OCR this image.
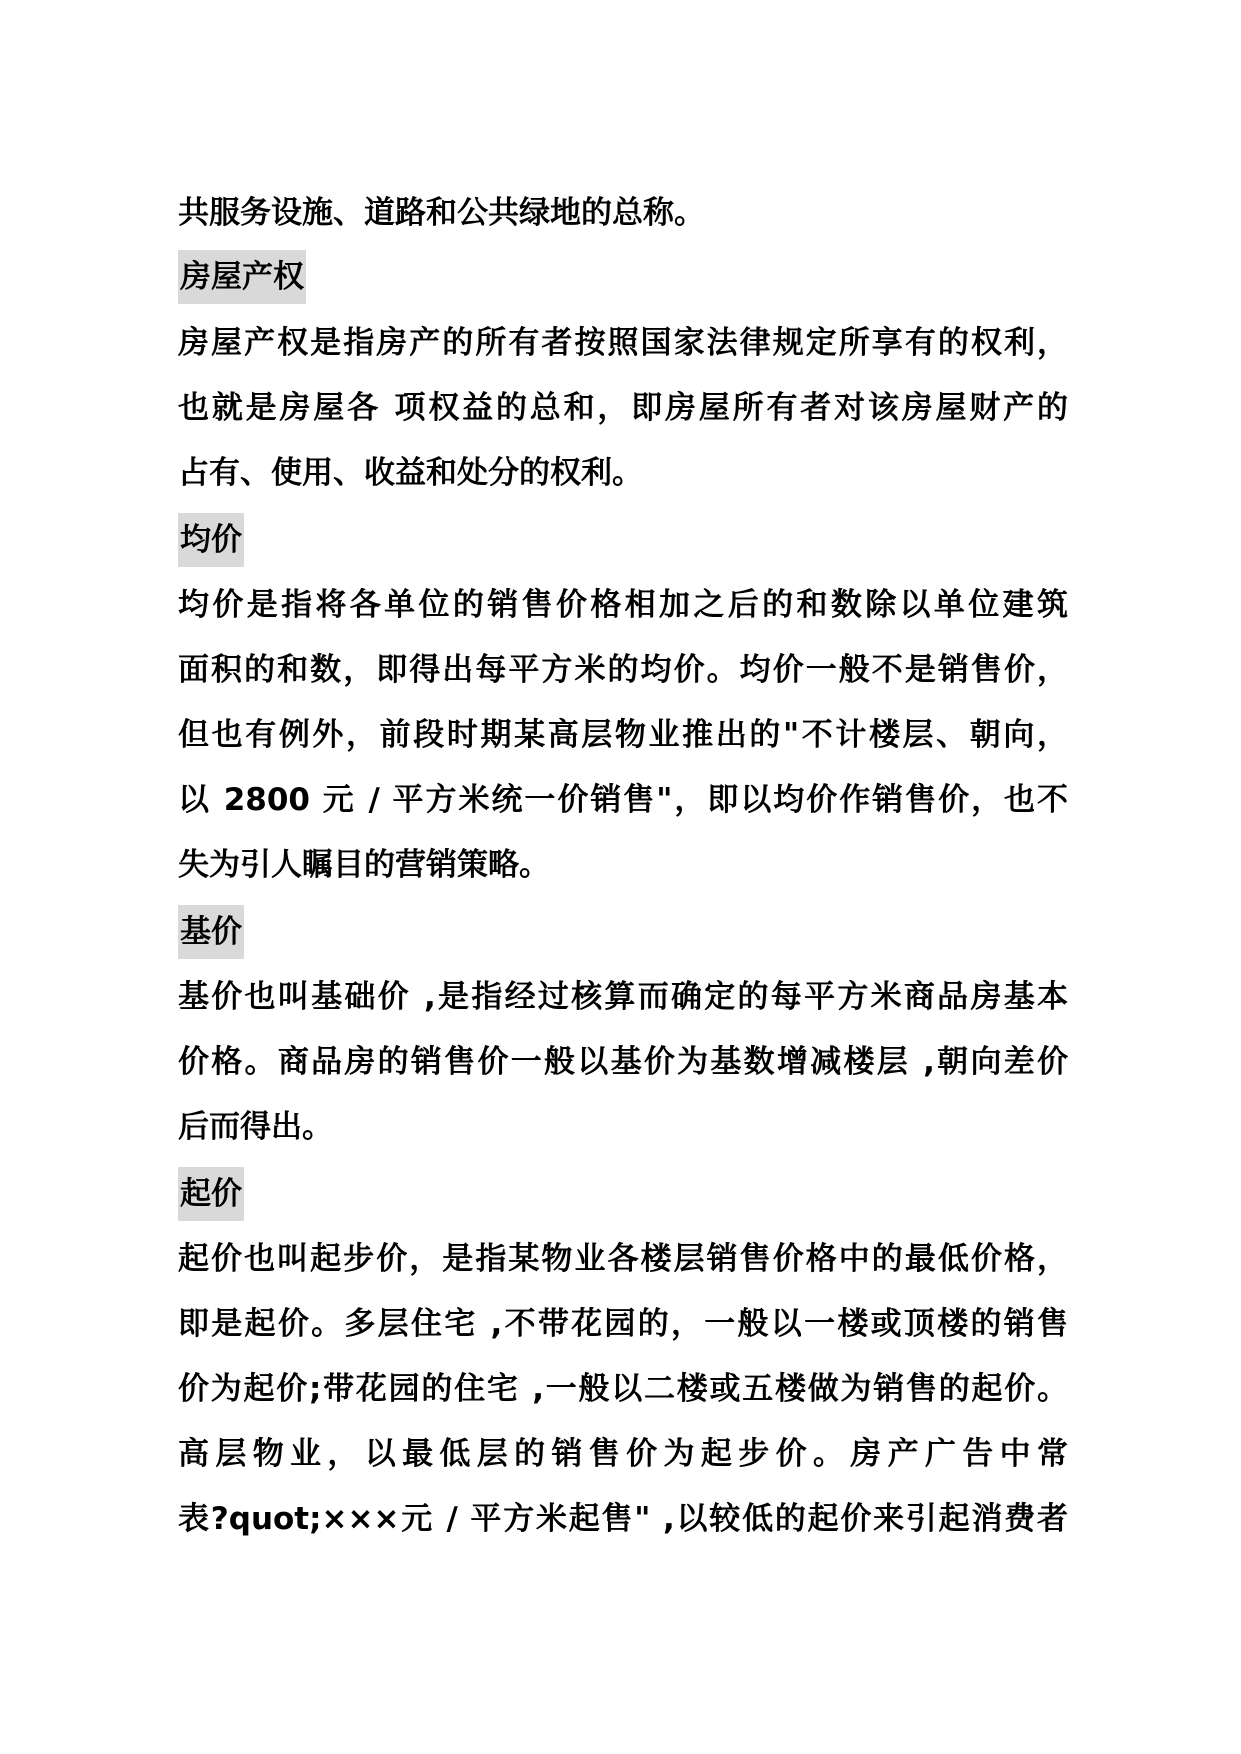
共服务设施、道路和公共绿地的总称。
房屋产权
房屋产权是指房产的所有者按照国家法律规定所享有的权利，
也就是房屋各 项权益的总和，即房屋所有者对该房屋财产的
占有、使用、收益和处分的权利。
均价
均价是指将各单位的销售价格相加之后的和数除以单位建筑
面积的和数，即得出每平方米的均价。均价一般不是销售价，
但也有例外，前段时期某高层物业推出的"不计楼层、朝向，
以 2800 元 / 平方米统一价销售"，即以均价作销售价，也不
失为引人瞩目的营销策略。
基价
基价也叫基础价 ,是指经过核算而确定的每平方米商品房基本
价格。商品房的销售价一般以基价为基数增减楼层 ,朝向差价
后而得出。
起价
起价也叫起步价，是指某物业各楼层销售价格中的最低价格，
即是起价。多层住宅 ,不带花园的，一般以一楼或顶楼的销售
价为起价;带花园的住宅 ,一般以二楼或五楼做为销售的起价。
高层物业，以最低层的销售价为起步价。房产广告中常
表?quot;×××元 / 平方米起售" ,以较低的起价来引起消费者
